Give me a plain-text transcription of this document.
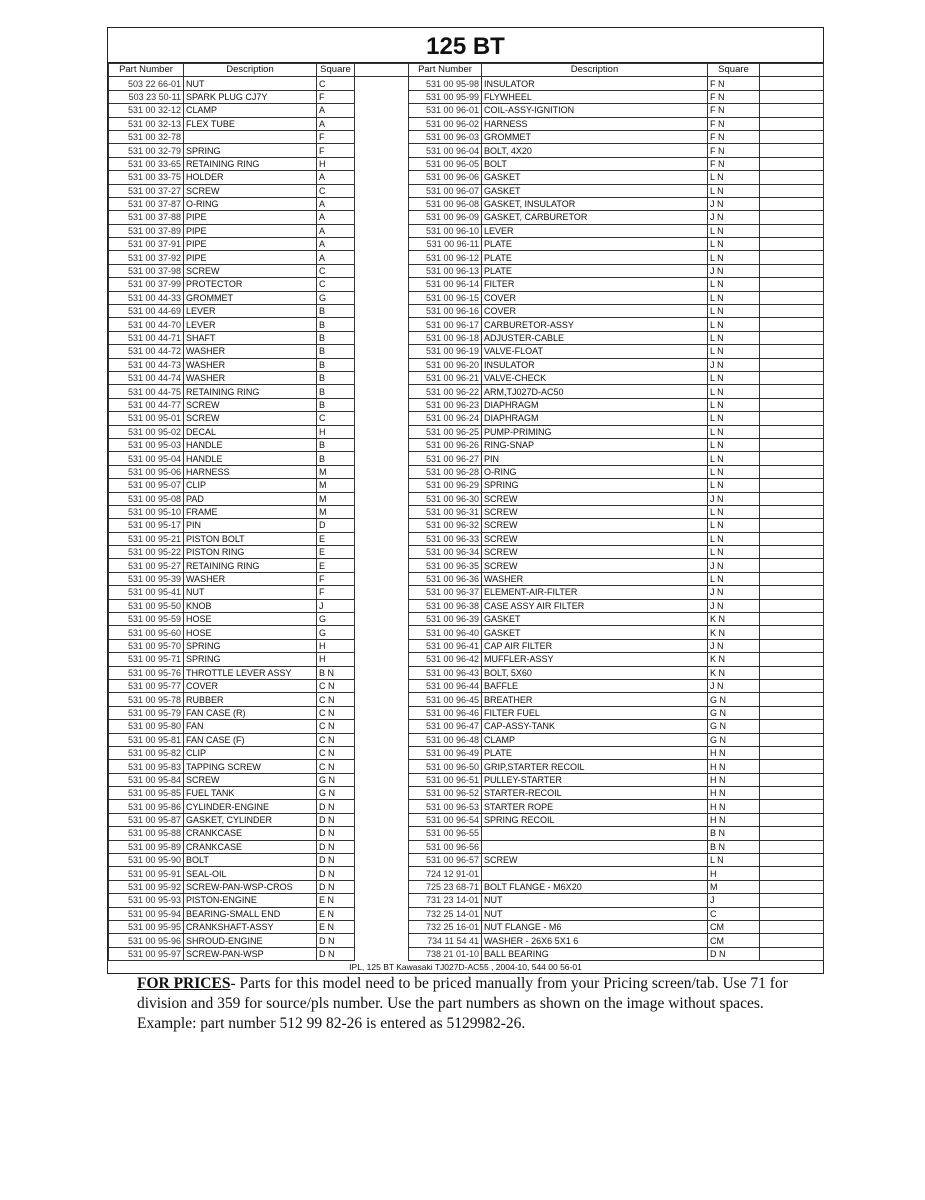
125 BT
Part Number	Description	Square		Part Number	Description	Square	
503 22 66-01	NUT	C		531 00 95-98	INSULATOR	F N	
503 23 50-11	SPARK PLUG CJ7Y	F		531 00 95-99	FLYWHEEL	F N	
531 00 32-12	CLAMP	A		531 00 96-01	COIL-ASSY-IGNITION	F N	
531 00 32-13	FLEX TUBE	A		531 00 96-02	HARNESS	F N	
531 00 32-78		F		531 00 96-03	GROMMET	F N	
531 00 32-79	SPRING	F		531 00 96-04	BOLT, 4X20	F N	
531 00 33-65	RETAINING RING	H		531 00 96-05	BOLT	F N	
531 00 33-75	HOLDER	A		531 00 96-06	GASKET	L N	
531 00 37-27	SCREW	C		531 00 96-07	GASKET	L N	
531 00 37-87	O-RING	A		531 00 96-08	GASKET, INSULATOR	J N	
531 00 37-88	PIPE	A		531 00 96-09	GASKET, CARBURETOR	J N	
531 00 37-89	PIPE	A		531 00 96-10	LEVER	L N	
531 00 37-91	PIPE	A		531 00 96-11	PLATE	L N	
531 00 37-92	PIPE	A		531 00 96-12	PLATE	L N	
531 00 37-98	SCREW	C		531 00 96-13	PLATE	J N	
531 00 37-99	PROTECTOR	C		531 00 96-14	FILTER	L N	
531 00 44-33	GROMMET	G		531 00 96-15	COVER	L N	
531 00 44-69	LEVER	B		531 00 96-16	COVER	L N	
531 00 44-70	LEVER	B		531 00 96-17	CARBURETOR-ASSY	L N	
531 00 44-71	SHAFT	B		531 00 96-18	ADJUSTER-CABLE	L N	
531 00 44-72	WASHER	B		531 00 96-19	VALVE-FLOAT	L N	
531 00 44-73	WASHER	B		531 00 96-20	INSULATOR	J N	
531 00 44-74	WASHER	B		531 00 96-21	VALVE-CHECK	L N	
531 00 44-75	RETAINING RING	B		531 00 96-22	ARM,TJ027D-AC50	L N	
531 00 44-77	SCREW	B		531 00 96-23	DIAPHRAGM	L N	
531 00 95-01	SCREW	C		531 00 96-24	DIAPHRAGM	L N	
531 00 95-02	DECAL	H		531 00 96-25	PUMP-PRIMING	L N	
531 00 95-03	HANDLE	B		531 00 96-26	RING-SNAP	L N	
531 00 95-04	HANDLE	B		531 00 96-27	PIN	L N	
531 00 95-06	HARNESS	M		531 00 96-28	O-RING	L N	
531 00 95-07	CLIP	M		531 00 96-29	SPRING	L N	
531 00 95-08	PAD	M		531 00 96-30	SCREW	J N	
531 00 95-10	FRAME	M		531 00 96-31	SCREW	L N	
531 00 95-17	PIN	D		531 00 96-32	SCREW	L N	
531 00 95-21	PISTON BOLT	E		531 00 96-33	SCREW	L N	
531 00 95-22	PISTON RING	E		531 00 96-34	SCREW	L N	
531 00 95-27	RETAINING RING	E		531 00 96-35	SCREW	J N	
531 00 95-39	WASHER	F		531 00 96-36	WASHER	L N	
531 00 95-41	NUT	F		531 00 96-37	ELEMENT-AIR-FILTER	J N	
531 00 95-50	KNOB	J		531 00 96-38	CASE ASSY AIR FILTER	J N	
531 00 95-59	HOSE	G		531 00 96-39	GASKET	K N	
531 00 95-60	HOSE	G		531 00 96-40	GASKET	K N	
531 00 95-70	SPRING	H		531 00 96-41	CAP AIR FILTER	J N	
531 00 95-71	SPRING	H		531 00 96-42	MUFFLER-ASSY	K N	
531 00 95-76	THROTTLE LEVER ASSY	B N		531 00 96-43	BOLT, 5X60	K N	
531 00 95-77	COVER	C N		531 00 96-44	BAFFLE	J N	
531 00 95-78	RUBBER	C N		531 00 96-45	BREATHER	G N	
531 00 95-79	FAN CASE (R)	C N		531 00 96-46	FILTER FUEL	G N	
531 00 95-80	FAN	C N		531 00 96-47	CAP-ASSY-TANK	G N	
531 00 95-81	FAN CASE (F)	C N		531 00 96-48	CLAMP	G N	
531 00 95-82	CLIP	C N		531 00 96-49	PLATE	H N	
531 00 95-83	TAPPING SCREW	C N		531 00 96-50	GRIP,STARTER RECOIL	H N	
531 00 95-84	SCREW	G N		531 00 96-51	PULLEY-STARTER	H N	
531 00 95-85	FUEL TANK	G N		531 00 96-52	STARTER-RECOIL	H N	
531 00 95-86	CYLINDER-ENGINE	D N		531 00 96-53	STARTER ROPE	H N	
531 00 95-87	GASKET, CYLINDER	D N		531 00 96-54	SPRING RECOIL	H N	
531 00 95-88	CRANKCASE	D N		531 00 96-55		B N	
531 00 95-89	CRANKCASE	D N		531 00 96-56		B N	
531 00 95-90	BOLT	D N		531 00 96-57	SCREW	L N	
531 00 95-91	SEAL-OIL	D N		724 12 91-01		H	
531 00 95-92	SCREW-PAN-WSP-CROS	D N		725 23 68-71	BOLT FLANGE - M6X20	M	
531 00 95-93	PISTON-ENGINE	E N		731 23 14-01	NUT	J	
531 00 95-94	BEARING-SMALL END	E N		732 25 14-01	NUT	C	
531 00 95-95	CRANKSHAFT-ASSY	E N		732 25 16-01	NUT FLANGE - M6	CM	
531 00 95-96	SHROUD-ENGINE	D N		734 11 54 41	WASHER - 26X6 5X1 6	CM	
531 00 95-97	SCREW-PAN-WSP	D N		738 21 01-10	BALL BEARING	D N	
IPL, 125 BT Kawasaki TJ027D-AC55 , 2004-10, 544 00 56-01
FOR PRICES- Parts for this model need to be priced manually from your Pricing screen/tab. Use 71 for division and 359 for source/pls number. Use the part numbers as shown on the image without spaces. Example: part number 512 99 82-26 is entered as 5129982-26.
